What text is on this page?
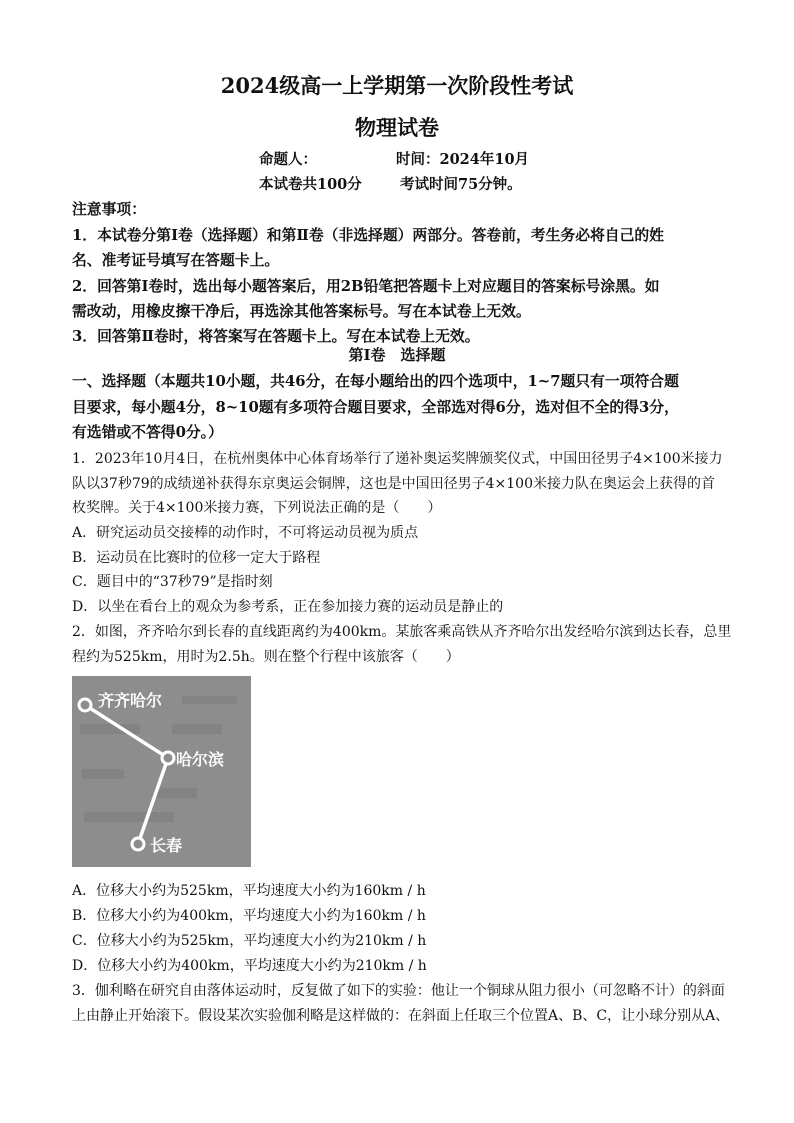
2024级高一上学期第一次阶段性考试
物理试卷
命题人：	时间：2024年10月
本试卷共100分	考试时间75分钟。
注意事项：
1．本试卷分第Ⅰ卷（选择题）和第Ⅱ卷（非选择题）两部分。答卷前，考生务必将自己的姓
名、准考证号填写在答题卡上。
2．回答第Ⅰ卷时，选出每小题答案后，用2B铅笔把答题卡上对应题目的答案标号涂黑。如
需改动，用橡皮擦干净后，再选涂其他答案标号。写在本试卷上无效。
3．回答第Ⅱ卷时，将答案写在答题卡上。写在本试卷上无效。
第Ⅰ卷　选择题
一、选择题（本题共10小题，共46分，在每小题给出的四个选项中，1~7题只有一项符合题
目要求，每小题4分，8~10题有多项符合题目要求，全部选对得6分，选对但不全的得3分，
有选错或不答得0分。）
1．2023年10月4日，在杭州奥体中心体育场举行了递补奥运奖牌颁奖仪式，中国田径男子4×100米接力
队以37秒79的成绩递补获得东京奥运会铜牌，这也是中国田径男子4×100米接力队在奥运会上获得的首
枚奖牌。关于4×100米接力赛，下列说法正确的是（　　）
A．研究运动员交接棒的动作时，不可将运动员视为质点
B．运动员在比赛时的位移一定大于路程
C．题目中的“37秒79”是指时刻
D．以坐在看台上的观众为参考系，正在参加接力赛的运动员是静止的
2．如图，齐齐哈尔到长春的直线距离约为400km。某旅客乘高铁从齐齐哈尔出发经哈尔滨到达长春，总里
程约为525km，用时为2.5h。则在整个行程中该旅客（　　）
齐齐哈尔
哈尔滨
长春
A．位移大小约为525km，平均速度大小约为160km / h
B．位移大小约为400km，平均速度大小约为160km / h
C．位移大小约为525km，平均速度大小约为210km / h
D．位移大小约为400km，平均速度大小约为210km / h
3．伽利略在研究自由落体运动时，反复做了如下的实验：他让一个铜球从阻力很小（可忽略不计）的斜面
上由静止开始滚下。假设某次实验伽利略是这样做的：在斜面上任取三个位置A、B、C，让小球分别从A、
